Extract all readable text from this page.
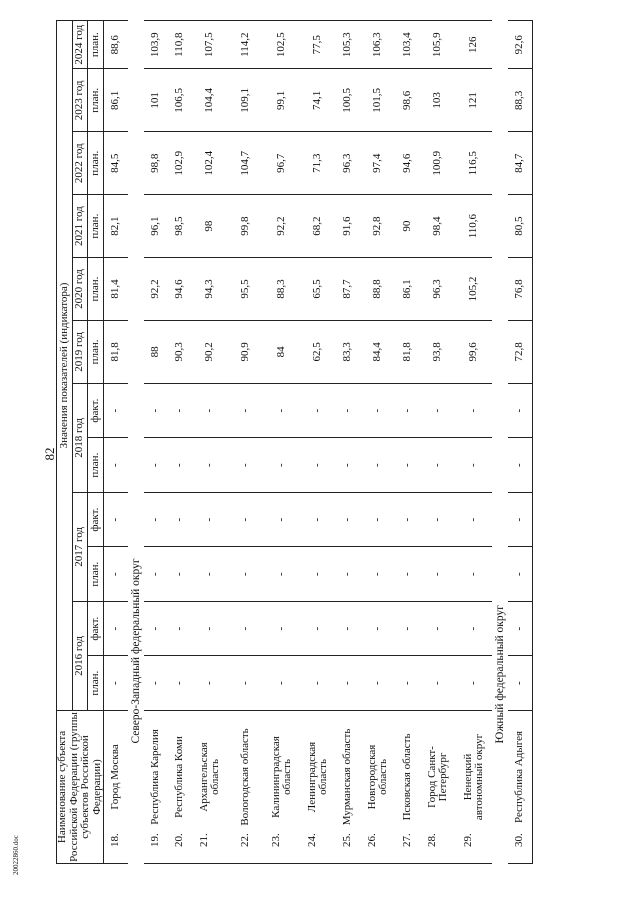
82
20022860.doc
Наименование субъекта Российской Федерации (группы субъектов Российской Федерации)	Значения показателей (индикатора)											
	2016 год		2017 год		2018 год		2019 год	2020 год	2021 год	2022 год	2023 год	2024 год
	план.	факт.	план.	факт.	план.	факт.	план.	план.	план.	план.	план.	план.
18.Город Москва	-	-	-	-	-	-	81,8	81,4	82,1	84,5	86,1	88,6
Северо-Западный федеральный округ												
19.Республика Карелия	-	-	-	-	-	-	88	92,2	96,1	98,8	101	103,9
20.Республика Коми	-	-	-	-	-	-	90,3	94,6	98,5	102,9	106,5	110,8
21.Архангельская область	-	-	-	-	-	-	90,2	94,3	98	102,4	104,4	107,5
22.Вологодская область	-	-	-	-	-	-	90,9	95,5	99,8	104,7	109,1	114,2
23.Калининградская область	-	-	-	-	-	-	84	88,3	92,2	96,7	99,1	102,5
24.Ленинградская область	-	-	-	-	-	-	62,5	65,5	68,2	71,3	74,1	77,5
25.Мурманская область	-	-	-	-	-	-	83,3	87,7	91,6	96,3	100,5	105,3
26.Новгородская область	-	-	-	-	-	-	84,4	88,8	92,8	97,4	101,5	106,3
27.Псковская область	-	-	-	-	-	-	81,8	86,1	90	94,6	98,6	103,4
28.Город Санкт-Петербург	-	-	-	-	-	-	93,8	96,3	98,4	100,9	103	105,9
29.Ненецкий автономный округ	-	-	-	-	-	-	99,6	105,2	110,6	116,5	121	126
Южный федеральный округ												
30.Республика Адыгея	-	-	-	-	-	-	72,8	76,8	80,5	84,7	88,3	92,6
